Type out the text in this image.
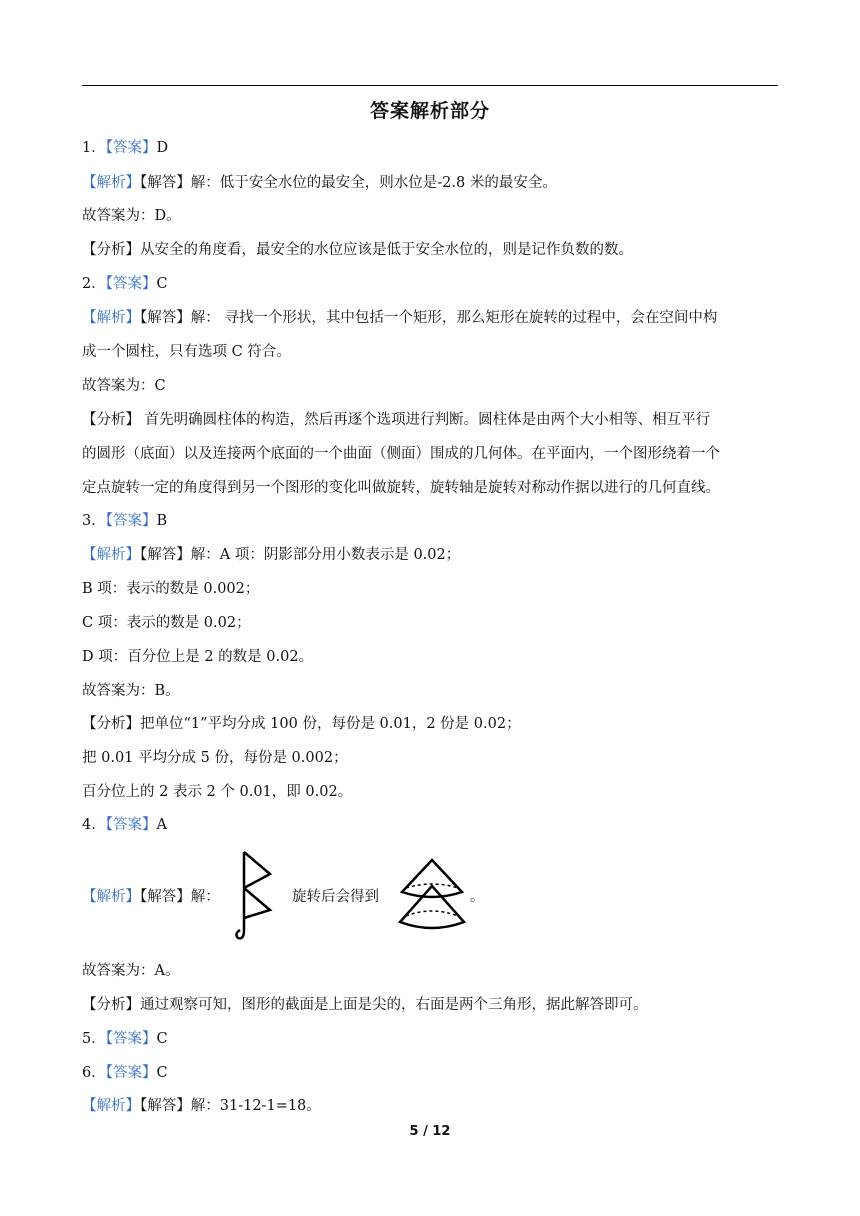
答案解析部分
1．【答案】D
【解析】【解答】解：低于安全水位的最安全，则水位是-2.8 米的最安全。
故答案为：D。
【分析】从安全的角度看，最安全的水位应该是低于安全水位的，则是记作负数的数。
2．【答案】C
【解析】【解答】解： 寻找一个形状，其中包括一个矩形，那么矩形在旋转的过程中，会在空间中构
成一个圆柱，只有选项 C 符合。
故答案为：C
【分析】 首先明确圆柱体的构造，然后再逐个选项进行判断。圆柱体是由两个大小相等、相互平行
的圆形（底面）以及连接两个底面的一个曲面（侧面）围成的几何体。在平面内，一个图形绕着一个
定点旋转一定的角度得到另一个图形的变化叫做旋转，旋转轴是旋转对称动作据以进行的几何直线。
3．【答案】B
【解析】【解答】解：A 项：阴影部分用小数表示是 0.02；
B 项：表示的数是 0.002；
C 项：表示的数是 0.02；
D 项：百分位上是 2 的数是 0.02。
故答案为：B。
【分析】把单位“1”平均分成 100 份，每份是 0.01，2 份是 0.02；
把 0.01 平均分成 5 份，每份是 0.002；
百分位上的 2 表示 2 个 0.01，即 0.02。
4．【答案】A
【解析】【解答】解：	旋转后会得到	。
故答案为：A。
【分析】通过观察可知，图形的截面是上面是尖的，右面是两个三角形，据此解答即可。
5．【答案】C
6．【答案】C
【解析】【解答】解：31-12-1=18。
5 / 12
